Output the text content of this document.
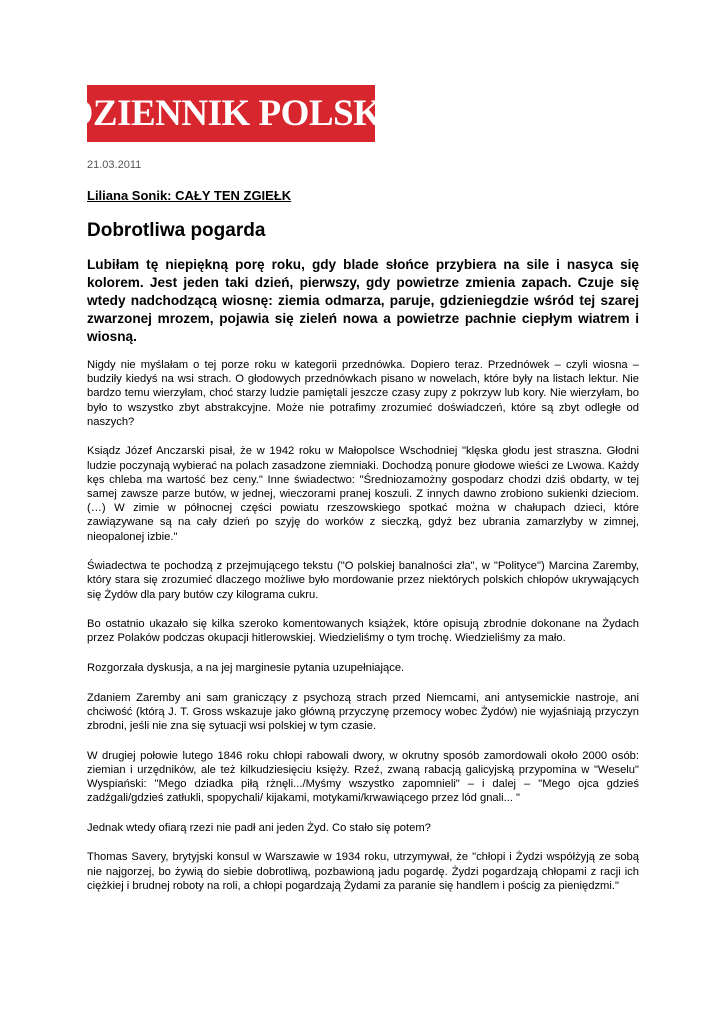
DZIENNIK POLSKI
21.03.2011
Liliana Sonik: CAŁY TEN ZGIEŁK
Dobrotliwa pogarda
Lubiłam tę niepiękną porę roku, gdy blade słońce przybiera na sile i nasyca się kolorem. Jest jeden taki dzień, pierwszy, gdy powietrze zmienia zapach. Czuje się wtedy nadchodzącą wiosnę: ziemia odmarza, paruje, gdzieniegdzie wśród tej szarej zwarzonej mrozem, pojawia się zieleń nowa a powietrze pachnie ciepłym wiatrem i wiosną.

Nigdy nie myślałam o tej porze roku w kategorii przednówka. Dopiero teraz. Przednówek – czyli wiosna – budziły kiedyś na wsi strach. O głodowych przednówkach pisano w nowelach, które były na listach lektur. Nie bardzo temu wierzyłam, choć starzy ludzie pamiętali jeszcze czasy zupy z pokrzyw lub kory. Nie wierzyłam, bo było to wszystko zbyt abstrakcyjne. Może nie potrafimy zrozumieć doświadczeń, które są zbyt odległe od naszych?

Ksiądz Józef Anczarski pisał, że w 1942 roku w Małopolsce Wschodniej "klęska głodu jest straszna. Głodni ludzie poczynają wybierać na polach zasadzone ziemniaki. Dochodzą ponure głodowe wieści ze Lwowa. Każdy kęs chleba ma wartość bez ceny." Inne świadectwo: "Średniozamożny gospodarz chodzi dziś obdarty, w tej samej zawsze parze butów, w jednej, wieczorami pranej koszuli. Z innych dawno zrobiono sukienki dzieciom.(…) W zimie w północnej części powiatu rzeszowskiego spotkać można w chałupach dzieci, które zawiązywane są na cały dzień po szyję do worków z sieczką, gdyż bez ubrania zamarzłyby w zimnej, nieopalonej izbie."

Świadectwa te pochodzą z przejmującego tekstu ("O polskiej banalności zła", w "Polityce") Marcina Zaremby, który stara się zrozumieć dlaczego możliwe było mordowanie przez niektórych polskich chłopów ukrywających się Żydów dla pary butów czy kilograma cukru.

Bo ostatnio ukazało się kilka szeroko komentowanych książek, które opisują zbrodnie dokonane na Żydach przez Polaków podczas okupacji hitlerowskiej. Wiedzieliśmy o tym trochę. Wiedzieliśmy za mało.

Rozgorzała dyskusja, a na jej marginesie pytania uzupełniające.

Zdaniem Zaremby ani sam graniczący z psychozą strach przed Niemcami, ani antysemickie nastroje, ani chciwość (którą J. T. Gross wskazuje jako główną przyczynę przemocy wobec Żydów) nie wyjaśniają przyczyn zbrodni, jeśli nie zna się sytuacji wsi polskiej w tym czasie.

W drugiej połowie lutego 1846 roku chłopi rabowali dwory, w okrutny sposób zamordowali około 2000 osób: ziemian i urzędników, ale też kilkudziesięciu księży. Rzeź, zwaną rabacją galicyjską przypomina w "Weselu" Wyspiański: "Mego dziadka piłą rżnęli.../Myśmy wszystko zapomnieli" – i dalej – "Mego ojca gdzieś zadźgali/gdzieś zatłukli, spopychali/ kijakami, motykami/krwawiącego przez lód gnali... "

Jednak wtedy ofiarą rzezi nie padł ani jeden Żyd. Co stało się potem?

Thomas Savery, brytyjski konsul w Warszawie w 1934 roku, utrzymywał, że "chłopi i Żydzi współżyją ze sobą nie najgorzej, bo żywią do siebie dobrotliwą, pozbawioną jadu pogardę. Żydzi pogardzają chłopami z racji ich ciężkiej i brudnej roboty na roli, a chłopi pogardzają Żydami za paranie się handlem i pościg za pieniędzmi."
